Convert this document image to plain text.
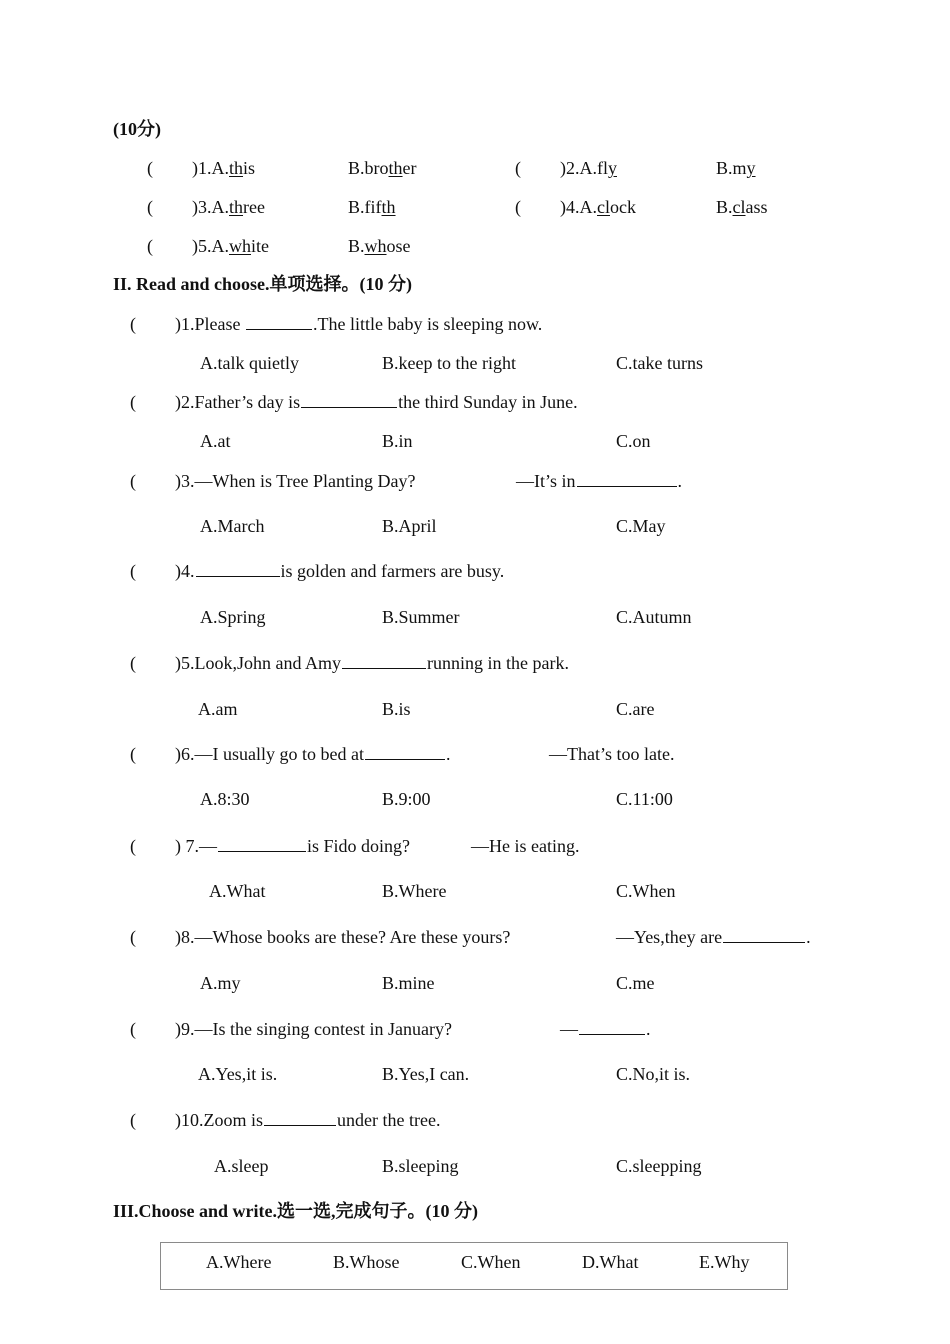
(10分)
( )1.A.this	B.brother	( )2.A.fly	B.my
( )3.A.three	B.fifth	( )4.A.clock	B.class
( )5.A.white	B.whose
II. Read and choose.单项选择。(10 分)
( )1.Please	.The little baby is sleeping now.
A.talk quietly	B.keep to the right	C.take turns
( )2.Father’s day is	the third Sunday in June.
A.at	B.in	C.on
( )3.—When is Tree Planting Day?	—It’s in	.
A.March	B.April	C.May
( )4.	is golden and farmers are busy.
A.Spring	B.Summer	C.Autumn
( )5.Look,John and Amy	running in the park.
A.am	B.is	C.are
( )6.—I usually go to bed at	.	—That’s too late.
A.8:30	B.9:00	C.11:00
( ) 7.—	is Fido doing?	—He is eating.
A.What	B.Where	C.When
( )8.—Whose books are these? Are these yours?	—Yes,they are	.
A.my	B.mine	C.me
( )9.—Is the singing contest in January?	—	.
A.Yes,it is.	B.Yes,I can.	C.No,it is.
( )10.Zoom is	under the tree.
A.sleep	B.sleeping	C.sleepping
III.Choose and write.选一选,完成句子。(10 分)
A.Where	B.Whose	C.When	D.What	E.Why
